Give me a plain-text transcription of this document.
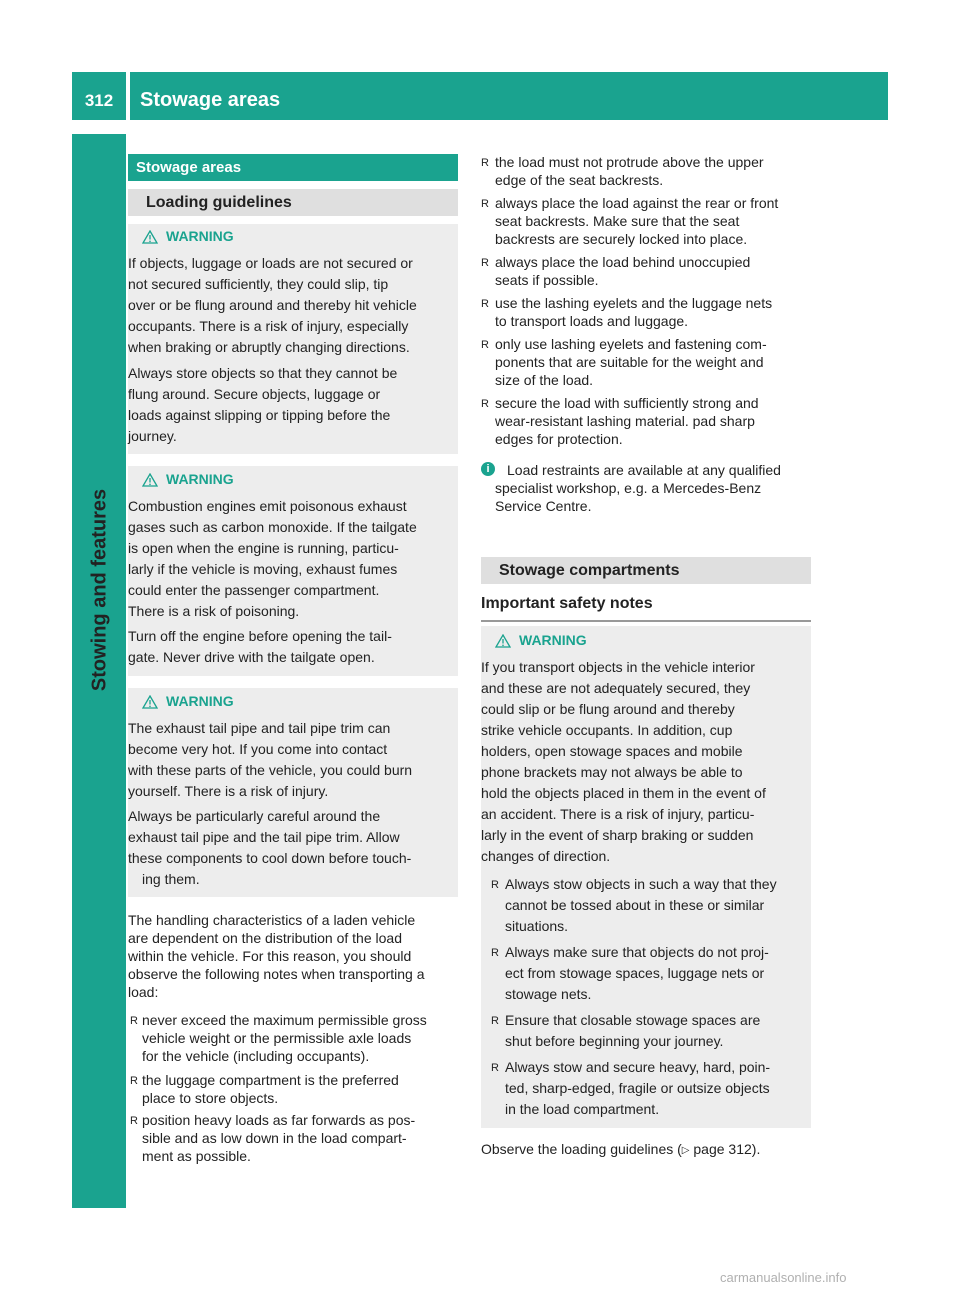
312	Stowage areas
Stowing and features
Stowage areas
Loading guidelines
WARNING
If objects, luggage or loads are not secured or
not secured sufficiently, they could slip, tip
over or be flung around and thereby hit vehicle
occupants. There is a risk of injury, especially
when braking or abruptly changing directions.
Always store objects so that they cannot be
flung around. Secure objects, luggage or
loads against slipping or tipping before the
journey.
WARNING
Combustion engines emit poisonous exhaust
gases such as carbon monoxide. If the tailgate
is open when the engine is running, particu-
larly if the vehicle is moving, exhaust fumes
could enter the passenger compartment.
There is a risk of poisoning.
Turn off the engine before opening the tail-
gate. Never drive with the tailgate open.
WARNING
The exhaust tail pipe and tail pipe trim can
become very hot. If you come into contact
with these parts of the vehicle, you could burn
yourself. There is a risk of injury.
Always be particularly careful around the
exhaust tail pipe and the tail pipe trim. Allow
these components to cool down before touch-
ing them.
The handling characteristics of a laden vehicle
are dependent on the distribution of the load
within the vehicle. For this reason, you should
observe the following notes when transporting a
load:
R never exceed the maximum permissible gross
vehicle weight or the permissible axle loads
for the vehicle (including occupants).
R the luggage compartment is the preferred
place to store objects.
R position heavy loads as far forwards as pos-
sible and as low down in the load compart-
ment as possible.
R the load must not protrude above the upper
edge of the seat backrests.
R always place the load against the rear or front
seat backrests. Make sure that the seat
backrests are securely locked into place.
R always place the load behind unoccupied
seats if possible.
R use the lashing eyelets and the luggage nets
to transport loads and luggage.
R only use lashing eyelets and fastening com-
ponents that are suitable for the weight and
size of the load.
R secure the load with sufficiently strong and
wear-resistant lashing material. pad sharp
edges for protection.
i	Load restraints are available at any qualified
specialist workshop, e.g. a Mercedes-Benz
Service Centre.
Stowage compartments
Important safety notes
WARNING
If you transport objects in the vehicle interior
and these are not adequately secured, they
could slip or be flung around and thereby
strike vehicle occupants. In addition, cup
holders, open stowage spaces and mobile
phone brackets may not always be able to
hold the objects placed in them in the event of
an accident. There is a risk of injury, particu-
larly in the event of sharp braking or sudden
changes of direction.
R Always stow objects in such a way that they
cannot be tossed about in these or similar
situations.
R Always make sure that objects do not proj-
ect from stowage spaces, luggage nets or
stowage nets.
R Ensure that closable stowage spaces are
shut before beginning your journey.
R Always stow and secure heavy, hard, poin-
ted, sharp-edged, fragile or outsize objects
in the load compartment.
Observe the loading guidelines (▷ page 312).
carmanualsonline.info
